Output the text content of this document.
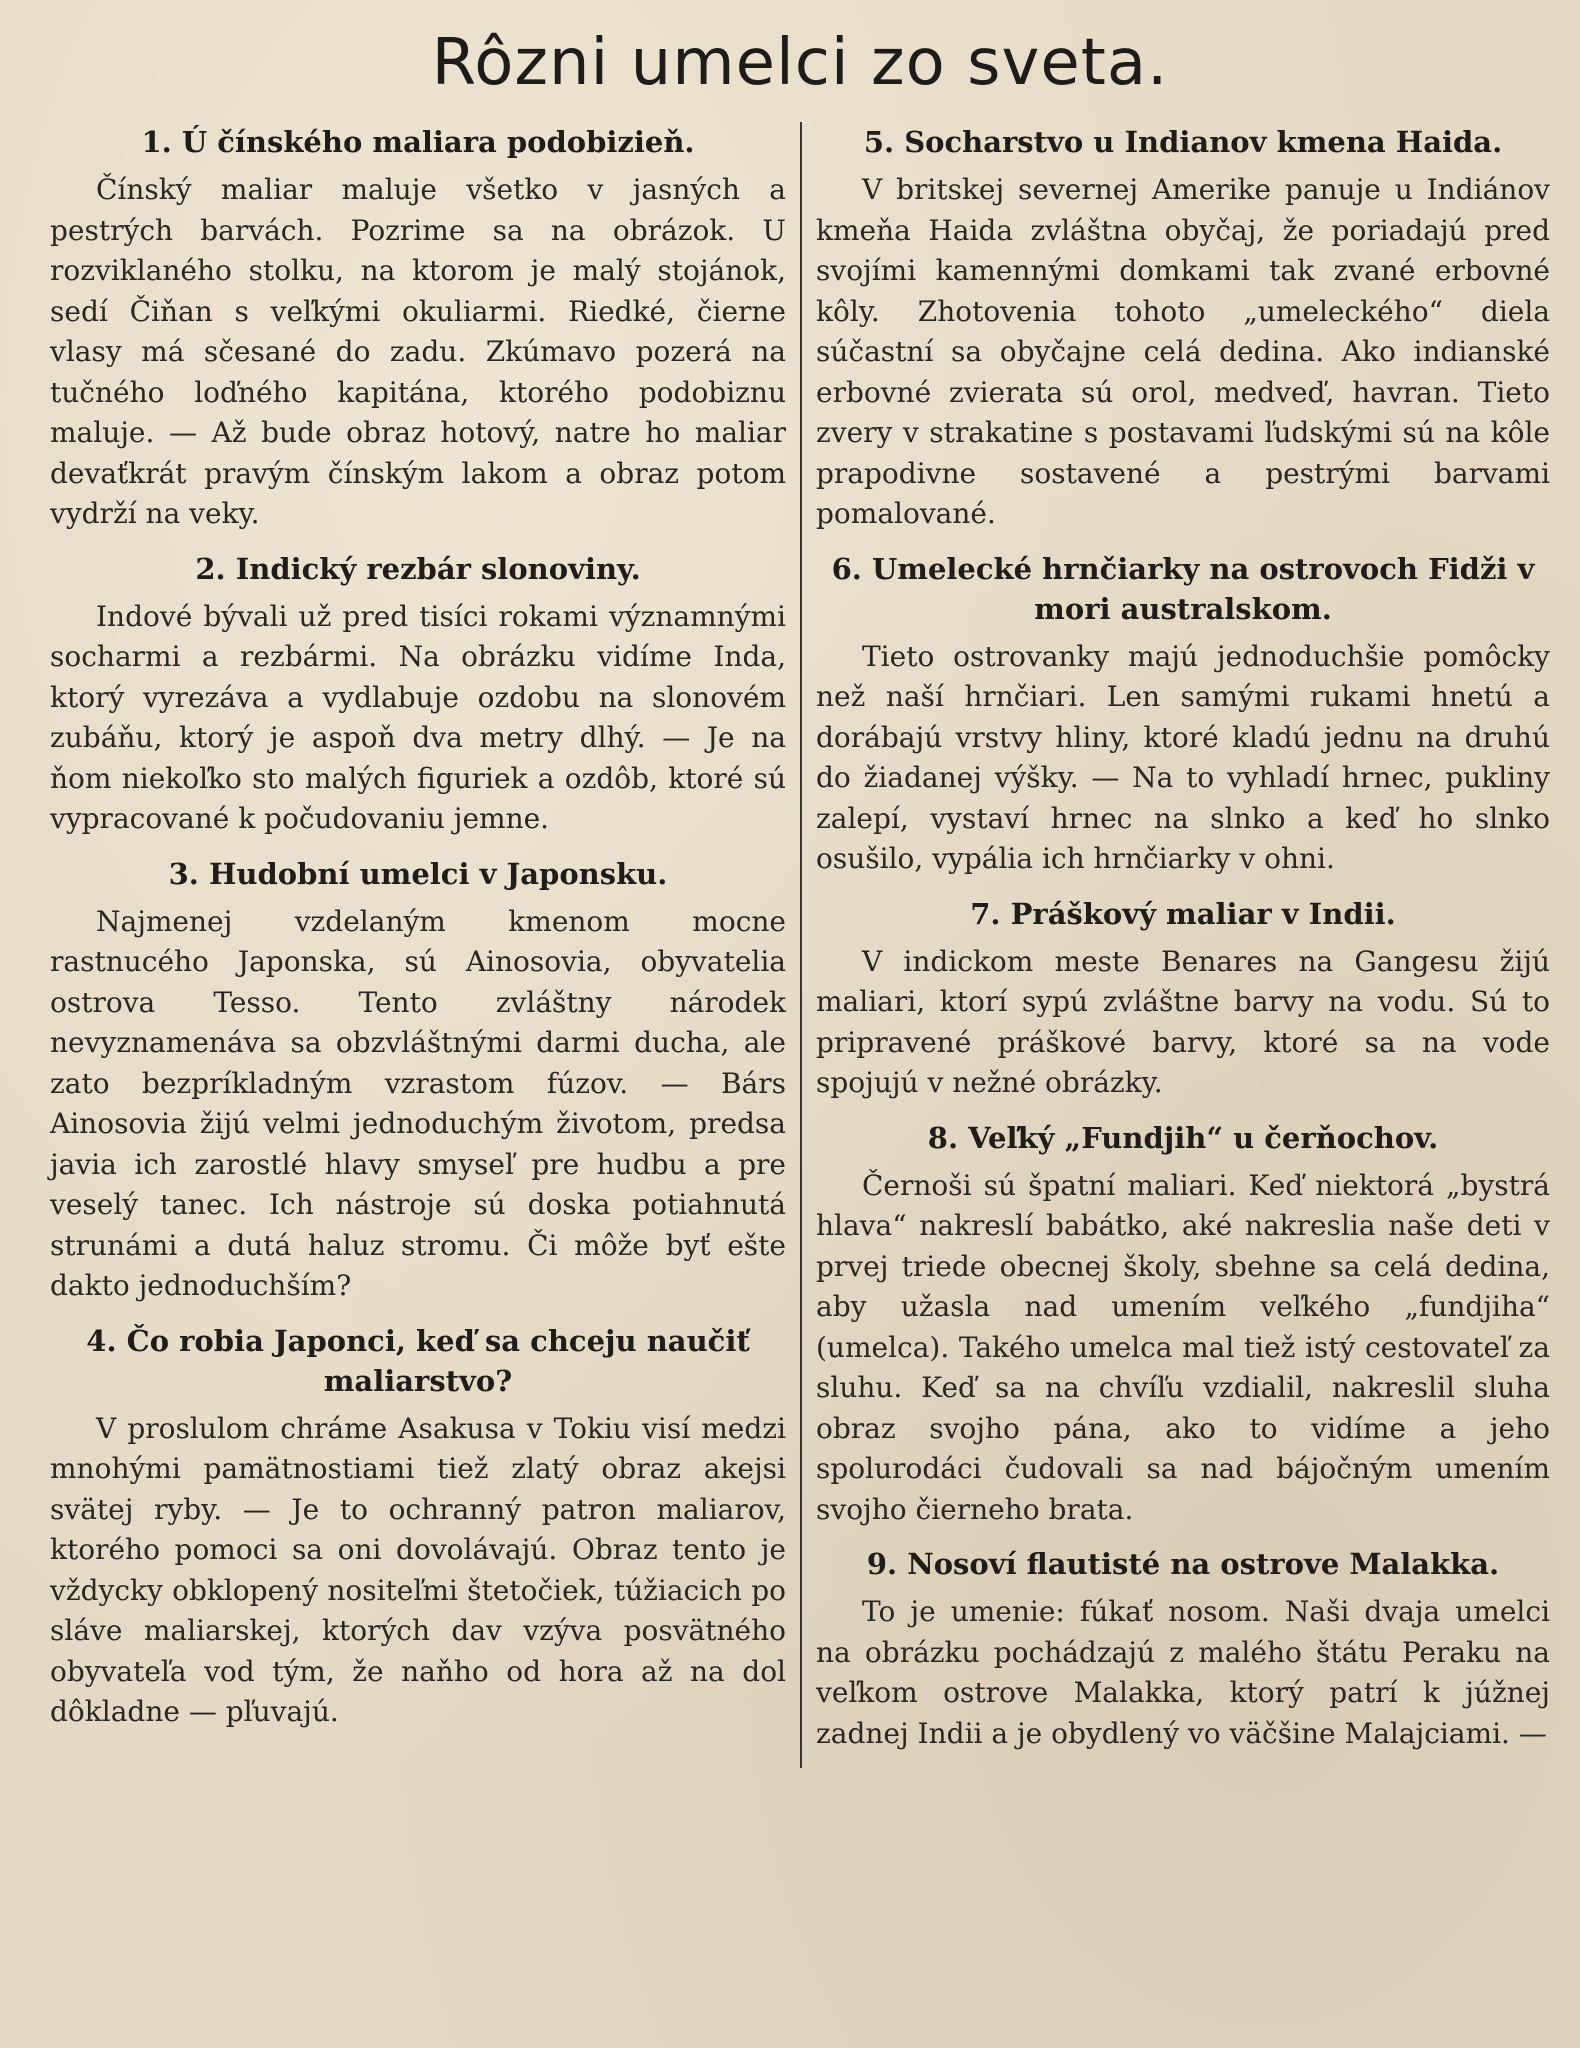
Rôzni umelci zo sveta.
1. Ú čínského maliara podobizieň.

Čínský maliar maluje všetko v jasných a pestrých barvách. Pozrime sa na obrázok. U rozviklaného stolku, na ktorom je malý stojánok, sedí Čiňan s veľkými okuliarmi. Riedké, čierne vlasy má sčesané do zadu. Zkúmavo pozerá na tučného loďného kapitána, ktorého podobiznu maluje. — Až bude obraz hotový, natre ho maliar devaťkrát pravým čínským lakom a obraz potom vydrží na veky.

2. Indický rezbár slonoviny.

Indové bývali už pred tisíci rokami významnými socharmi a rezbármi. Na obrázku vidíme Inda, ktorý vyrezáva a vydlabuje ozdobu na slonovém zubáňu, ktorý je aspoň dva metry dlhý. — Je na ňom niekoľko sto malých figuriek a ozdôb, ktoré sú vypracované k počudovaniu jemne.

3. Hudobní umelci v Japonsku.

Najmenej vzdelaným kmenom mocne rastnucého Japonska, sú Ainosovia, obyvatelia ostrova Tesso. Tento zvláštny národek nevyznamenáva sa obzvláštnými darmi ducha, ale zato bezpríkladným vzrastom fúzov. — Bárs Ainosovia žijú velmi jednoduchým životom, predsa javia ich zarostlé hlavy smyseľ pre hudbu a pre veselý tanec. Ich nástroje sú doska potiahnutá strunámi a dutá haluz stromu. Či môže byť ešte dakto jednoduchším?

4. Čo robia Japonci, keď sa chceju naučiť maliarstvo?

V proslulom chráme Asakusa v Tokiu visí medzi mnohými pamätnostiami tiež zlatý obraz akejsi svätej ryby. — Je to ochranný patron maliarov, ktorého pomoci sa oni dovolávajú. Obraz tento je vždycky obklopený nositeľmi štetočiek, túžiacich po sláve maliarskej, ktorých dav vzýva posvätného obyvateľa vod tým, že naňho od hora až na dol dôkladne — pľuvajú.

5. Socharstvo u Indianov kmena Haida.

V britskej severnej Amerike panuje u Indiánov kmeňa Haida zvláštna obyčaj, že poriadajú pred svojími kamennými domkami tak zvané erbovné kôly. Zhotovenia tohoto „umeleckého“ diela súčastní sa obyčajne celá dedina. Ako indianské erbovné zvierata sú orol, medveď, havran. Tieto zvery v strakatine s postavami ľudskými sú na kôle prapodivne sostavené a pestrými barvami pomalované.

6. Umelecké hrnčiarky na ostrovoch Fidži v mori australskom.

Tieto ostrovanky majú jednoduchšie pomôcky než naší hrnčiari. Len samými rukami hnetú a dorábajú vrstvy hliny, ktoré kladú jednu na druhú do žiadanej výšky. — Na to vyhladí hrnec, pukliny zalepí, vystaví hrnec na slnko a keď ho slnko osušilo, vypália ich hrnčiarky v ohni.

7. Práškový maliar v Indii.

V indickom meste Benares na Gangesu žijú maliari, ktorí sypú zvláštne barvy na vodu. Sú to pripravené práškové barvy, ktoré sa na vode spojujú v nežné obrázky.

8. Veľký „Fundjih“ u čerňochov.

Černoši sú špatní maliari. Keď niektorá „bystrá hlava“ nakreslí babátko, aké nakreslia naše deti v prvej triede obecnej školy, sbehne sa celá dedina, aby užasla nad umením veľkého „fundjiha“ (umelca). Takého umelca mal tiež istý cestovateľ za sluhu. Keď sa na chvíľu vzdialil, nakreslil sluha obraz svojho pána, ako to vidíme a jeho spolurodáci čudovali sa nad bájočným umením svojho čierneho brata.

9. Nosoví flautisté na ostrove Malakka.

To je umenie: fúkať nosom. Naši dvaja umelci na obrázku pochádzajú z malého štátu Peraku na veľkom ostrove Malakka, ktorý patrí k júžnej zadnej Indii a je obydlený vo väčšine Malajciami. —
